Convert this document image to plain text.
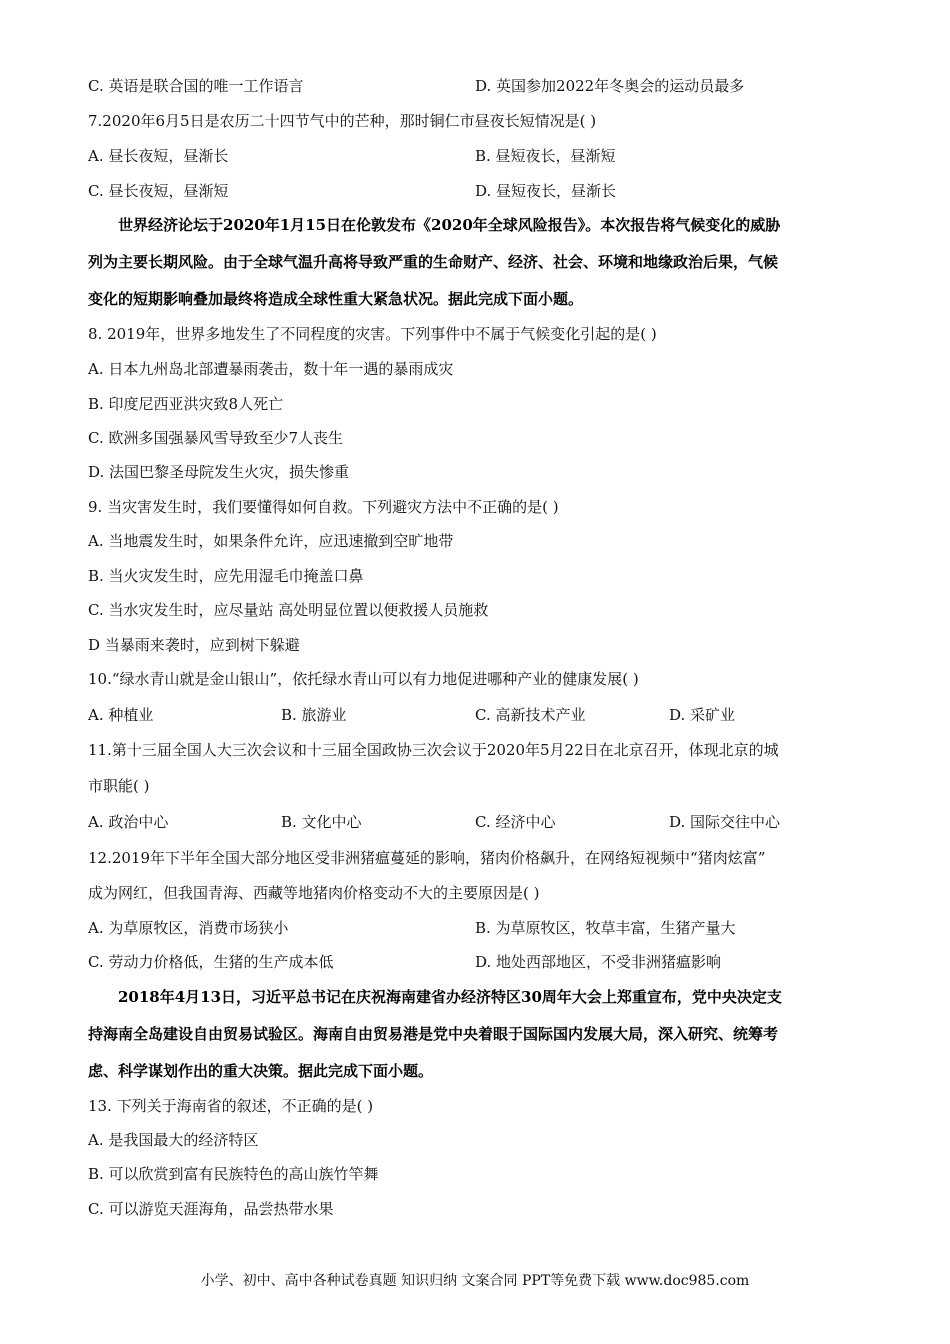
C. 英语是联合国的唯一工作语言	D. 英国参加2022年冬奥会的运动员最多
7.2020年6月5日是农历二十四节气中的芒种，那时铜仁市昼夜长短情况是( )
A. 昼长夜短，昼渐长	B. 昼短夜长，昼渐短
C. 昼长夜短，昼渐短	D. 昼短夜长，昼渐长

世界经济论坛于2020年1月15日在伦敦发布《2020年全球风险报告》。本次报告将气候变化的威胁

列为主要长期风险。由于全球气温升高将导致严重的生命财产、经济、社会、环境和地缘政治后果，气候

变化的短期影响叠加最终将造成全球性重大紧急状况。据此完成下面小题。

8. 2019年，世界多地发生了不同程度的灾害。下列事件中不属于气候变化引起的是( )
A. 日本九州岛北部遭暴雨袭击，数十年一遇的暴雨成灾
B. 印度尼西亚洪灾致8人死亡
C. 欧洲多国强暴风雪导致至少7人丧生
D. 法国巴黎圣母院发生火灾，损失惨重
9. 当灾害发生时，我们要懂得如何自救。下列避灾方法中不正确的是( )
A. 当地震发生时，如果条件允许，应迅速撤到空旷地带
B. 当火灾发生时，应先用湿毛巾掩盖口鼻
C. 当水灾发生时，应尽量站 高处明显位置以便救援人员施救
D 当暴雨来袭时，应到树下躲避
10.“绿水青山就是金山银山”，依托绿水青山可以有力地促进哪种产业的健康发展( )
A. 种植业	B. 旅游业	C. 高新技术产业	D. 采矿业
11.第十三届全国人大三次会议和十三届全国政协三次会议于2020年5月22日在北京召开，体现北京的城
市职能( )
A. 政治中心	B. 文化中心	C. 经济中心	D. 国际交往中心
12.2019年下半年全国大部分地区受非洲猪瘟蔓延的影响，猪肉价格飙升，在网络短视频中“猪肉炫富”
成为网红，但我国青海、西藏等地猪肉价格变动不大的主要原因是( )
A. 为草原牧区，消费市场狭小	B. 为草原牧区，牧草丰富，生猪产量大
C. 劳动力价格低，生猪的生产成本低	D. 地处西部地区，不受非洲猪瘟影响

2018年4月13日，习近平总书记在庆祝海南建省办经济特区30周年大会上郑重宣布，党中央决定支

持海南全岛建设自由贸易试验区。海南自由贸易港是党中央着眼于国际国内发展大局，深入研究、统筹考

虑、科学谋划作出的重大决策。据此完成下面小题。

13. 下列关于海南省的叙述，不正确的是( )
A. 是我国最大的经济特区
B. 可以欣赏到富有民族特色的高山族竹竿舞
C. 可以游览天涯海角，品尝热带水果
小学、初中、高中各种试卷真题 知识归纳 文案合同 PPT等免费下载 www.doc985.com
